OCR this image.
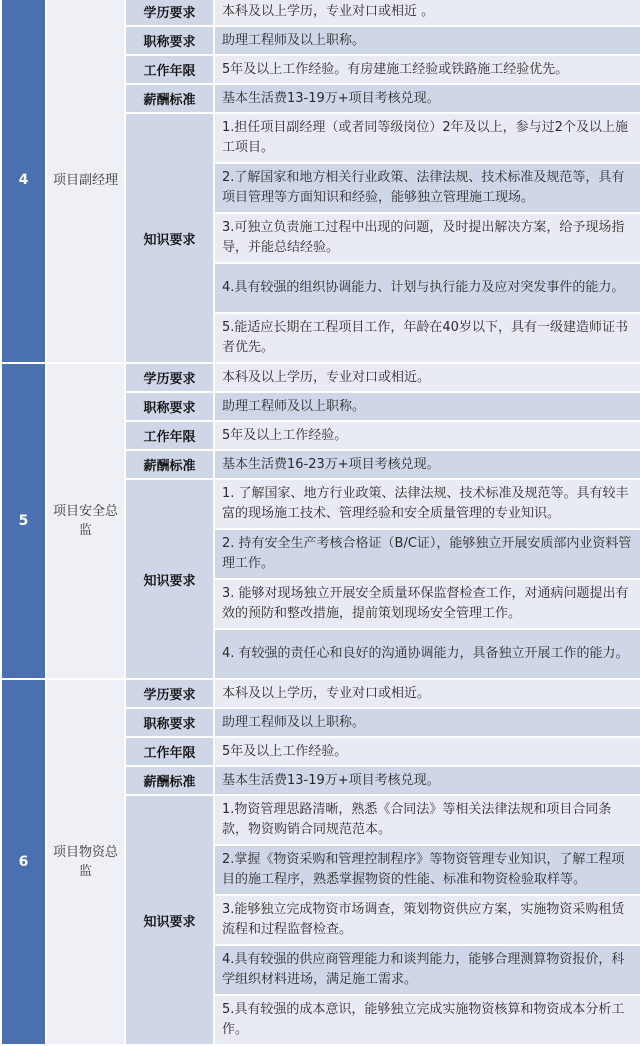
4	项目副经理	学历要求	本科及以上学历，专业对口或相近 。
		职称要求	助理工程师及以上职称。
		工作年限	5年及以上工作经验。有房建施工经验或铁路施工经验优先。
		薪酬标准	基本生活费13-19万+项目考核兑现。
		知识要求	1.担任项目副经理（或者同等级岗位）2年及以上，参与过2个及以上施工项目。
			2.了解国家和地方相关行业政策、法律法规、技术标准及规范等，具有项目管理等方面知识和经验，能够独立管理施工现场。
			3.可独立负责施工过程中出现的问题，及时提出解决方案，给予现场指导，并能总结经验。
			4.具有较强的组织协调能力、计划与执行能力及应对突发事件的能力。
			5.能适应长期在工程项目工作，年龄在40岁以下，具有一级建造师证书者优先。
5	项目安全总监	学历要求	本科及以上学历，专业对口或相近。
		职称要求	助理工程师及以上职称。
		工作年限	5年及以上工作经验。
		薪酬标准	基本生活费16-23万+项目考核兑现。
		知识要求	1. 了解国家、地方行业政策、法律法规、技术标准及规范等。具有较丰富的现场施工技术、管理经验和安全质量管理的专业知识。
			2. 持有安全生产考核合格证（B/C证），能够独立开展安质部内业资料管理工作。
			3. 能够对现场独立开展安全质量环保监督检查工作，对通病问题提出有效的预防和整改措施，提前策划现场安全管理工作。
			4. 有较强的责任心和良好的沟通协调能力，具备独立开展工作的能力。
6	项目物资总监	学历要求	本科及以上学历，专业对口或相近。
		职称要求	助理工程师及以上职称。
		工作年限	5年及以上工作经验。
		薪酬标准	基本生活费13-19万+项目考核兑现。
		知识要求	1.物资管理思路清晰，熟悉《合同法》等相关法律法规和项目合同条款，物资购销合同规范范本。
			2.掌握《物资采购和管理控制程序》等物资管理专业知识，了解工程项目的施工程序，熟悉掌握物资的性能、标准和物资检验取样等。
			3.能够独立完成物资市场调查，策划物资供应方案，实施物资采购租赁流程和过程监督检查。
			4.具有较强的供应商管理能力和谈判能力，能够合理测算物资报价，科学组织材料进场，满足施工需求。
			5.具有较强的成本意识，能够独立完成实施物资核算和物资成本分析工作。
